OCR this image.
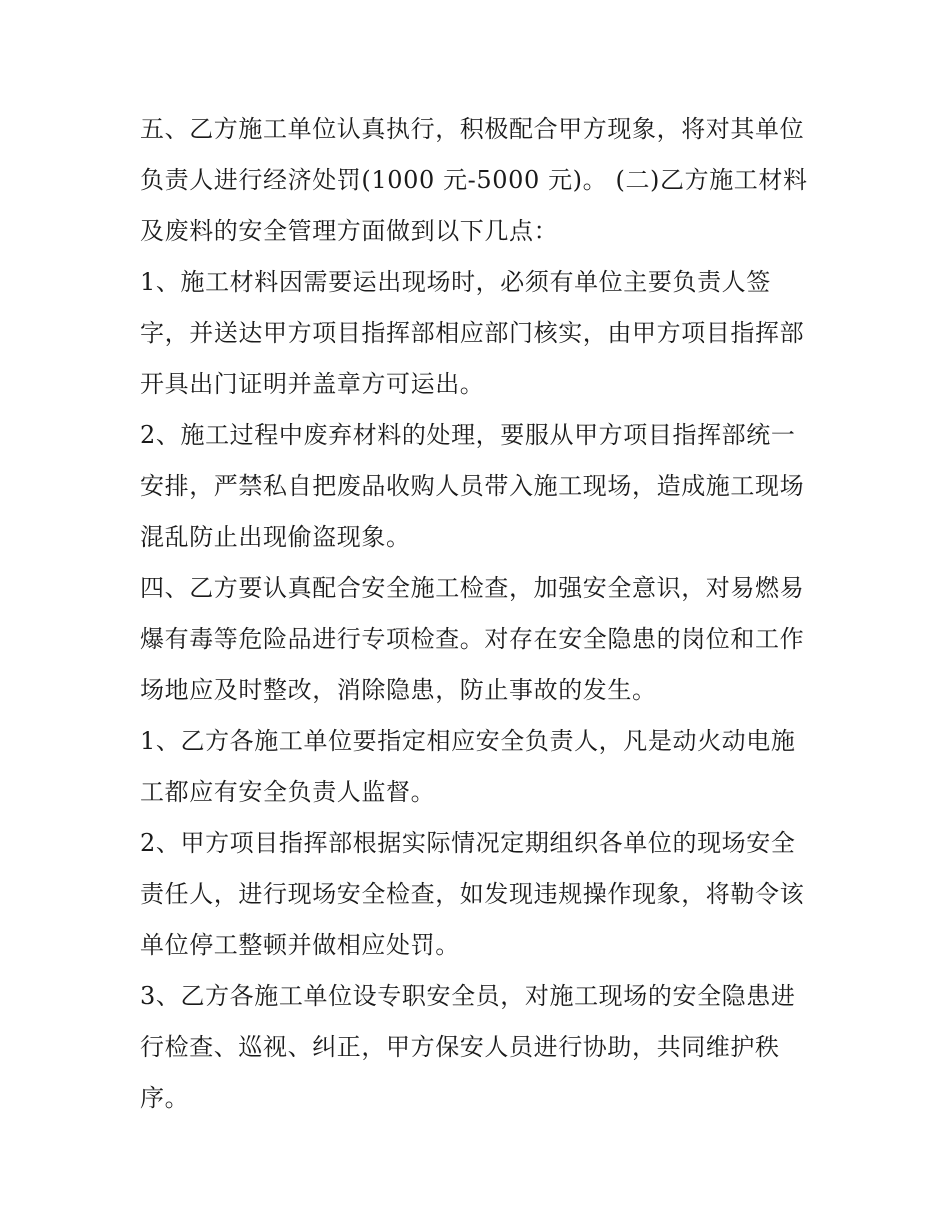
五、乙方施工单位认真执行，积极配合甲方现象，将对其单位负责人进行经济处罚(1000 元-5000 元)。 (二)乙方施工材料及废料的安全管理方面做到以下几点：

1、施工材料因需要运出现场时，必须有单位主要负责人签字，并送达甲方项目指挥部相应部门核实，由甲方项目指挥部开具出门证明并盖章方可运出。

2、施工过程中废弃材料的处理，要服从甲方项目指挥部统一安排，严禁私自把废品收购人员带入施工现场，造成施工现场混乱防止出现偷盗现象。

四、乙方要认真配合安全施工检查，加强安全意识，对易燃易爆有毒等危险品进行专项检查。对存在安全隐患的岗位和工作场地应及时整改，消除隐患，防止事故的发生。

1、乙方各施工单位要指定相应安全负责人，凡是动火动电施工都应有安全负责人监督。

2、甲方项目指挥部根据实际情况定期组织各单位的现场安全责任人，进行现场安全检查，如发现违规操作现象，将勒令该单位停工整顿并做相应处罚。

3、乙方各施工单位设专职安全员，对施工现场的安全隐患进行检查、巡视、纠正，甲方保安人员进行协助，共同维护秩序。
